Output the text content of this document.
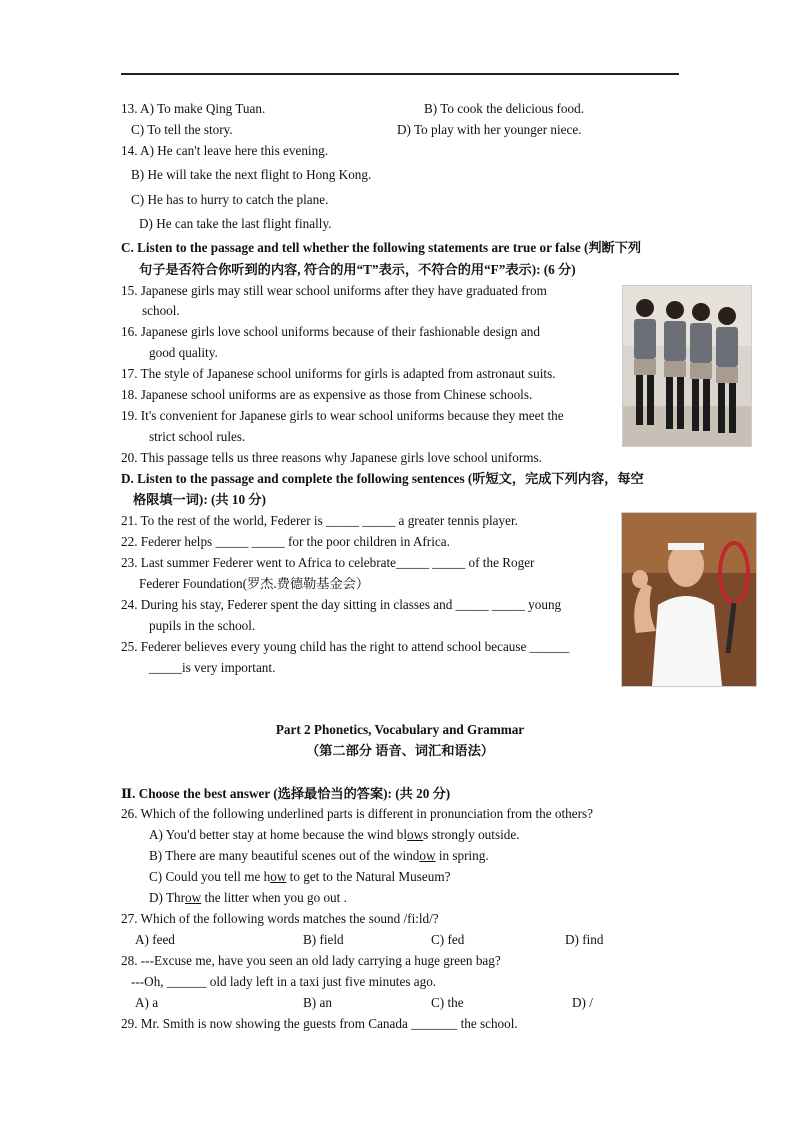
13. A) To make Qing Tuan.	B) To cook the delicious food.
C) To tell the story.	D) To play with her younger niece.
14. A) He can't leave here this evening.
B) He will take the next flight to Hong Kong.
C) He has to hurry to catch the plane.
D) He can take the last flight finally.
C. Listen to the passage and tell whether the following statements are true or false (判断下列
句子是否符合你听到的内容, 符合的用“T”表示，不符合的用“F”表示): (6 分)
15. Japanese girls may still wear school uniforms after they have graduated from
school.
16. Japanese girls love school uniforms because of their fashionable design and
good quality.
17. The style of Japanese school uniforms for girls is adapted from astronaut suits.
18. Japanese school uniforms are as expensive as those from Chinese schools.
19. It's convenient for Japanese girls to wear school uniforms because they meet the
strict school rules.
20. This passage tells us three reasons why Japanese girls love school uniforms.
D. Listen to the passage and complete the following sentences (听短文，完成下列内容，每空
格限填一词): (共 10 分)
21. To the rest of the world, Federer is _____ _____ a greater tennis player.
22. Federer helps _____ _____ for the poor children in Africa.
23. Last summer Federer went to Africa to celebrate_____ _____ of the Roger
Federer Foundation(罗杰.费德勒基金会）
24. During his stay, Federer spent the day sitting in classes and _____ _____ young
pupils in the school.
25. Federer believes every young child has the right to attend school because ______
_____is very important.
Part 2 Phonetics, Vocabulary and Grammar
（第二部分 语音、词汇和语法）
Ⅱ. Choose the best answer (选择最恰当的答案): (共 20 分)
26. Which of the following underlined parts is different in pronunciation from the others?
A) You'd better stay at home because the wind blows strongly outside.
B) There are many beautiful scenes out of the window in spring.
C) Could you tell me how to get to the Natural Museum?
D) Throw the litter when you go out .
27. Which of the following words matches the sound /fi:ld/?
A) feed	B) field	C) fed	D) find
28. ---Excuse me, have you seen an old lady carrying a huge green bag?
---Oh, ______ old lady left in a taxi just five minutes ago.
A) a	B) an	C) the	D) /
29. Mr. Smith is now showing the guests from Canada _______ the school.
